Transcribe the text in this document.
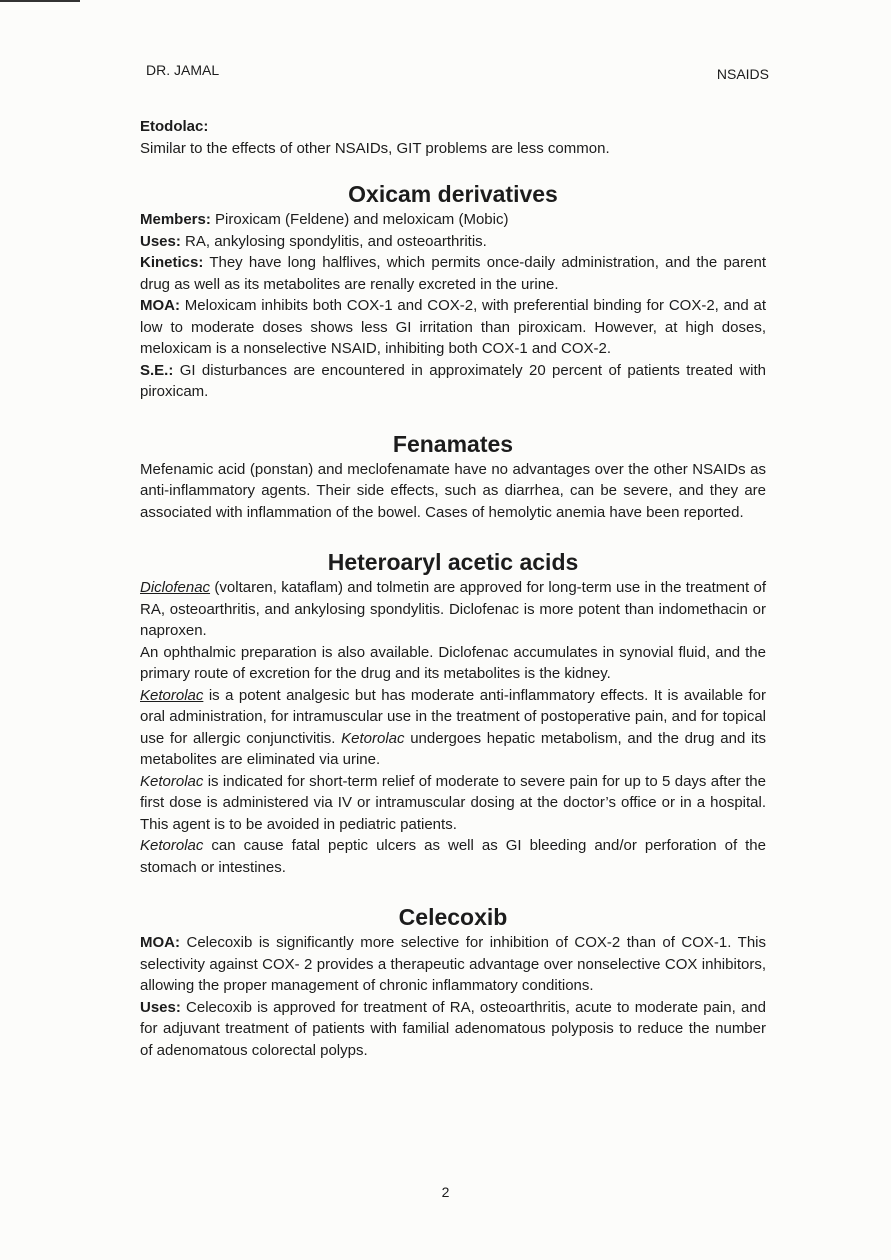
DR. JAMAL	NSAIDS

Etodolac:

Similar to the effects of other NSAIDs, GIT problems are less common.

Oxicam derivatives

Members: Piroxicam (Feldene) and meloxicam (Mobic)

Uses: RA, ankylosing spondylitis, and osteoarthritis.

Kinetics: They have long halflives, which permits once-daily administration, and the parent drug as well as its metabolites are renally excreted in the urine.

MOA: Meloxicam inhibits both COX-1 and COX-2, with preferential binding for COX-2, and at low to moderate doses shows less GI irritation than piroxicam. However, at high doses, meloxicam is a nonselective NSAID, inhibiting both COX-1 and COX-2.

S.E.: GI disturbances are encountered in approximately 20 percent of patients treated with piroxicam.

Fenamates

Mefenamic acid (ponstan) and meclofenamate have no advantages over the other NSAIDs as anti-inflammatory agents. Their side effects, such as diarrhea, can be severe, and they are associated with inflammation of the bowel. Cases of hemolytic anemia have been reported.

Heteroaryl acetic acids

Diclofenac (voltaren, kataflam) and tolmetin are approved for long-term use in the treatment of RA, osteoarthritis, and ankylosing spondylitis. Diclofenac is more potent than indomethacin or naproxen.

An ophthalmic preparation is also available. Diclofenac accumulates in synovial fluid, and the primary route of excretion for the drug and its metabolites is the kidney.

Ketorolac is a potent analgesic but has moderate anti-inflammatory effects. It is available for oral administration, for intramuscular use in the treatment of postoperative pain, and for topical use for allergic conjunctivitis. Ketorolac undergoes hepatic metabolism, and the drug and its metabolites are eliminated via urine.

Ketorolac is indicated for short-term relief of moderate to severe pain for up to 5 days after the first dose is administered via IV or intramuscular dosing at the doctor’s office or in a hospital. This agent is to be avoided in pediatric patients.

Ketorolac can cause fatal peptic ulcers as well as GI bleeding and/or perforation of the stomach or intestines.

Celecoxib

MOA: Celecoxib is significantly more selective for inhibition of COX-2 than of COX-1. This selectivity against COX- 2 provides a therapeutic advantage over nonselective COX inhibitors, allowing the proper management of chronic inflammatory conditions.

Uses: Celecoxib is approved for treatment of RA, osteoarthritis, acute to moderate pain, and for adjuvant treatment of patients with familial adenomatous polyposis to reduce the number of adenomatous colorectal polyps.

2
